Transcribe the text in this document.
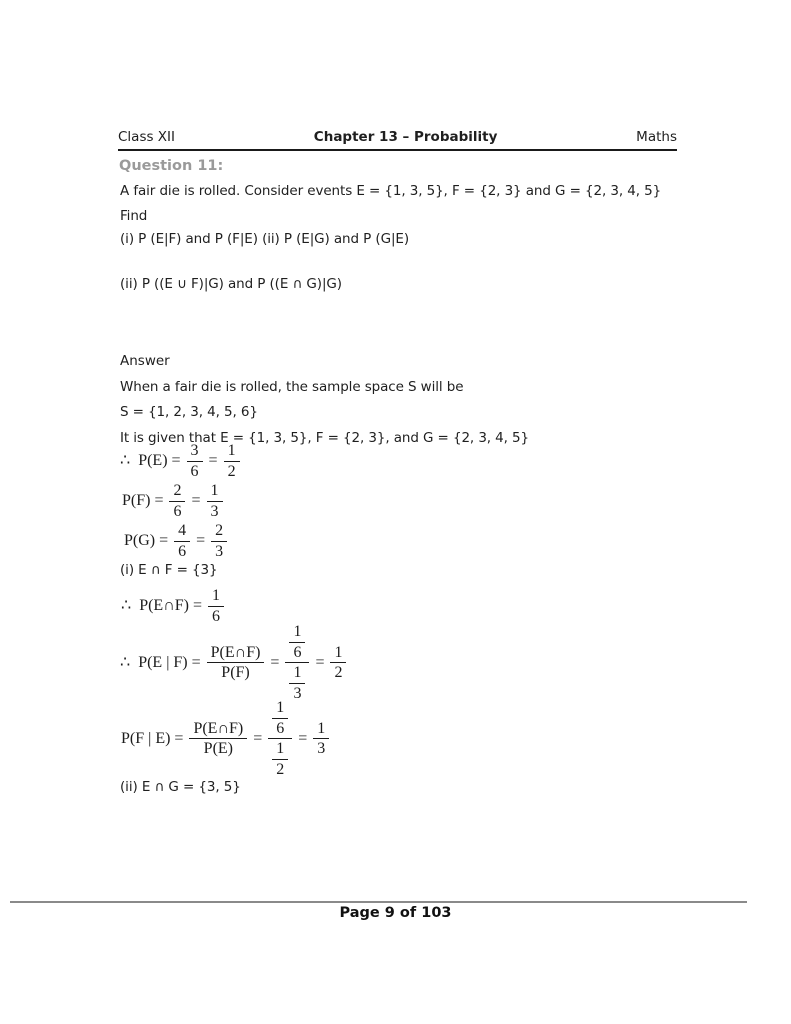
Class XII	Chapter 13 – Probability	Maths
Question 11:
A fair die is rolled. Consider events E = {1, 3, 5}, F = {2, 3} and G = {2, 3, 4, 5}
Find
(i) P (E|F) and P (F|E) (ii) P (E|G) and P (G|E)
(ii) P ((E ∪ F)|G) and P ((E ∩ G)|G)
Answer
When a fair die is rolled, the sample space S will be
S = {1, 2, 3, 4, 5, 6}
It is given that E = {1, 3, 5}, F = {2, 3}, and G = {2, 3, 4, 5}
∴ $P(E) = \frac{3}{6} = \frac{1}{2}$
$P(F) = \frac{2}{6} = \frac{1}{3}$
$P(G) = \frac{4}{6} = \frac{2}{3}$
(i) E ∩ F = {3}
∴ P(E∩F) = $\frac{1}{6}$
∴ P(E | $F) = \frac{P(E\cap F)}{P(F)} = \frac{\frac{1}{6}}{\frac{1}{3}} = \frac{1}{2}$
P(F | $E) = \frac{P(E\cap F)}{P(E)} = \frac{\frac{1}{6}}{\frac{1}{2}} = \frac{1}{3}$
(ii) E ∩ G = {3, 5}
Page 9 of 103
